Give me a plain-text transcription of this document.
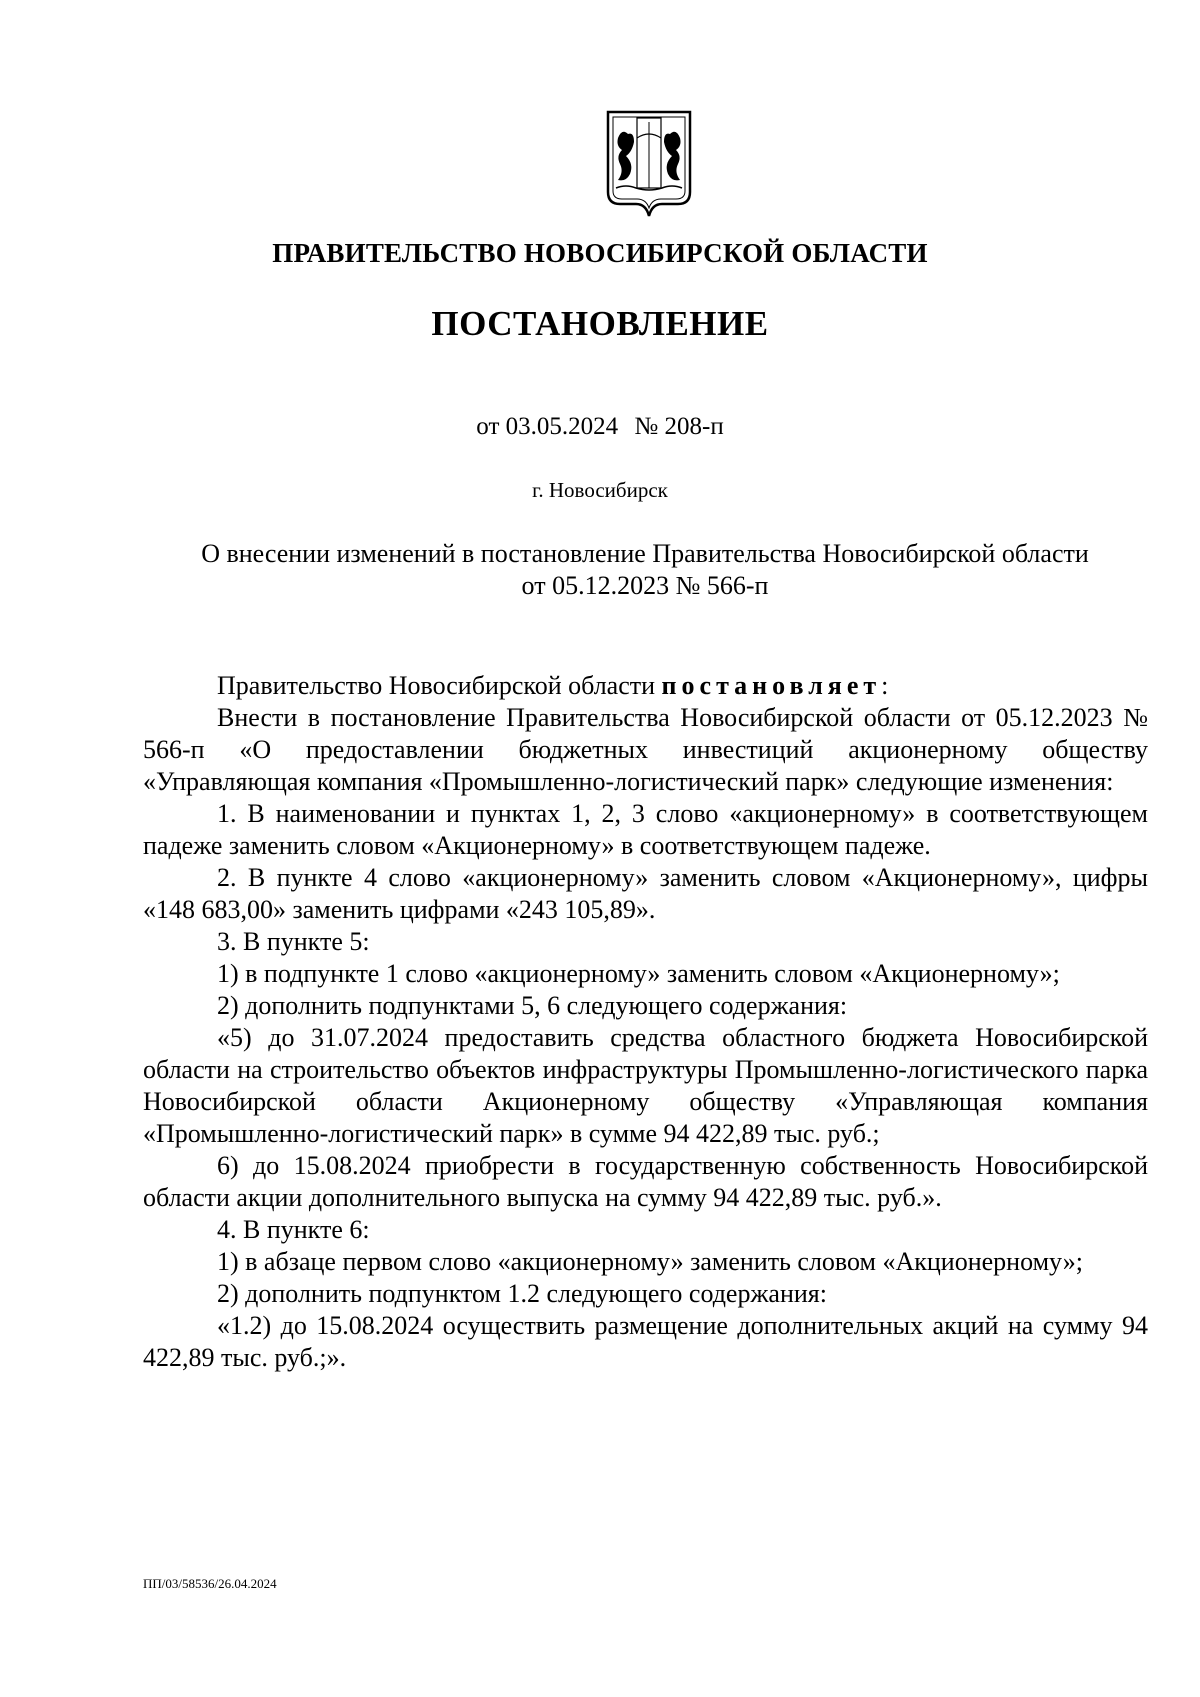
ПРАВИТЕЛЬСТВО НОВОСИБИРСКОЙ ОБЛАСТИ
ПОСТАНОВЛЕНИЕ
от 03.05.2024 № 208-п
г. Новосибирск
О внесении изменений в постановление Правительства Новосибирской области
от 05.12.2023 № 566-п

Правительство Новосибирской области постановляет:

Внести в постановление Правительства Новосибирской области от 05.12.2023 № 566-п «О предоставлении бюджетных инвестиций акционерному обществу «Управляющая компания «Промышленно-логистический парк» следующие изменения:

1. В наименовании и пунктах 1, 2, 3 слово «акционерному» в соответствующем падеже заменить словом «Акционерному» в соответствующем падеже.

2. В пункте 4 слово «акционерному» заменить словом «Акционерному», цифры «148 683,00» заменить цифрами «243 105,89».

3. В пункте 5:

1) в подпункте 1 слово «акционерному» заменить словом «Акционерному»;

2) дополнить подпунктами 5, 6 следующего содержания:

«5) до 31.07.2024 предоставить средства областного бюджета Новосибирской области на строительство объектов инфраструктуры Промышленно-логистического парка Новосибирской области Акционерному обществу «Управляющая компания «Промышленно-логистический парк» в сумме 94 422,89 тыс. руб.;

6) до 15.08.2024 приобрести в государственную собственность Новосибирской области акции дополнительного выпуска на сумму 94 422,89 тыс. руб.».

4. В пункте 6:

1) в абзаце первом слово «акционерному» заменить словом «Акционерному»;

2) дополнить подпунктом 1.2 следующего содержания:

«1.2) до 15.08.2024 осуществить размещение дополнительных акций на сумму 94 422,89 тыс. руб.;».

ПП/03/58536/26.04.2024
